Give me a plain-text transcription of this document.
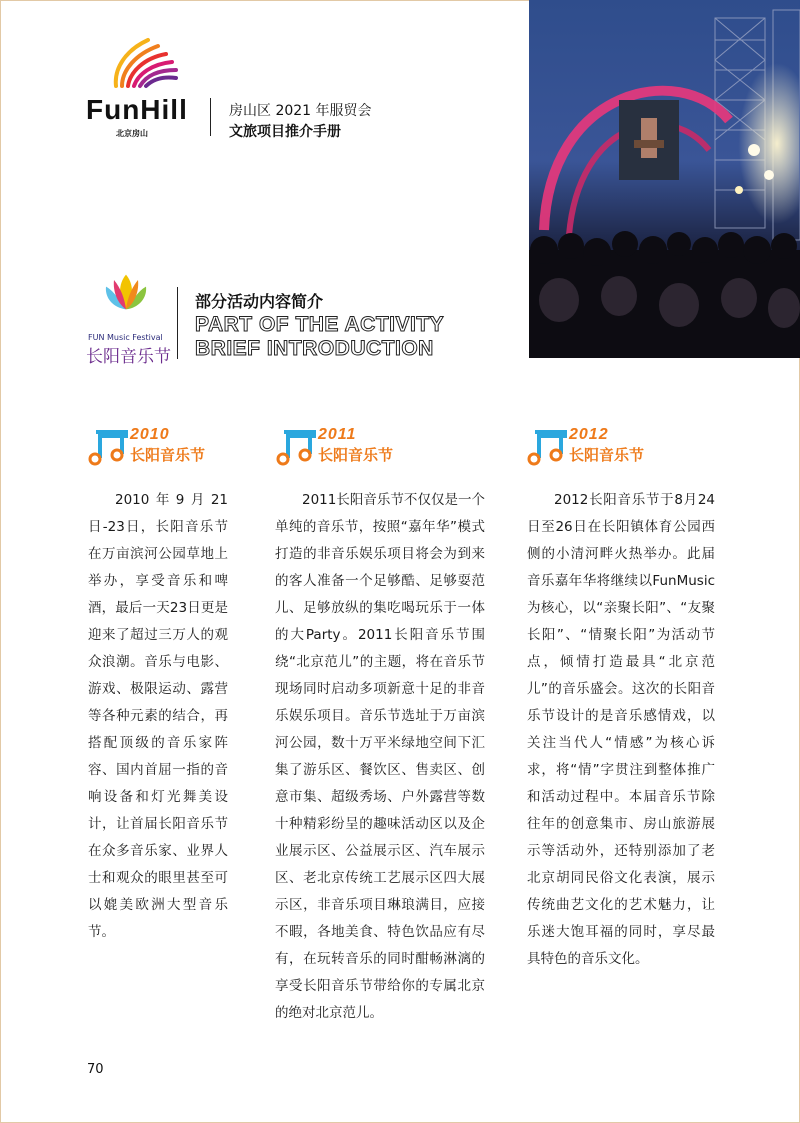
FunHill
北京房山
房山区 2021 年服贸会
文旅项目推介手册
FUN Music Festival
长阳音乐节
部分活动内容简介
PART OF THE ACTIVITY
BRIEF INTRODUCTION
2010
长阳音乐节
2011
长阳音乐节
2012
长阳音乐节
2010年9月21日-23日，长阳音乐节在万亩滨河公园草地上举办，享受音乐和啤酒，最后一天23日更是迎来了超过三万人的观众浪潮。音乐与电影、游戏、极限运动、露营等各种元素的结合，再搭配顶级的音乐家阵容、国内首屈一指的音响设备和灯光舞美设计，让首届长阳音乐节在众多音乐家、业界人士和观众的眼里甚至可以媲美欧洲大型音乐节。
2011长阳音乐节不仅仅是一个单纯的音乐节，按照“嘉年华”模式打造的非音乐娱乐项目将会为到来的客人准备一个足够酷、足够耍范儿、足够放纵的集吃喝玩乐于一体的大Party。2011长阳音乐节围绕“北京范儿”的主题，将在音乐节现场同时启动多项新意十足的非音乐娱乐项目。音乐节选址于万亩滨河公园，数十万平米绿地空间下汇集了游乐区、餐饮区、售卖区、创意市集、超级秀场、户外露营等数十种精彩纷呈的趣味活动区以及企业展示区、公益展示区、汽车展示区、老北京传统工艺展示区四大展示区，非音乐项目琳琅满目，应接不暇，各地美食、特色饮品应有尽有，在玩转音乐的同时酣畅淋漓的享受长阳音乐节带给你的专属北京的绝对北京范儿。
2012长阳音乐节于8月24日至26日在长阳镇体育公园西侧的小清河畔火热举办。此届音乐嘉年华将继续以FunMusic为核心，以“亲聚长阳”、“友聚长阳”、“情聚长阳”为活动节点，倾情打造最具“北京范儿”的音乐盛会。这次的长阳音乐节设计的是音乐感情戏，以关注当代人“情感”为核心诉求，将“情”字贯注到整体推广和活动过程中。本届音乐节除往年的创意集市、房山旅游展示等活动外，还特别添加了老北京胡同民俗文化表演，展示传统曲艺文化的艺术魅力，让乐迷大饱耳福的同时，享尽最具特色的音乐文化。
70
